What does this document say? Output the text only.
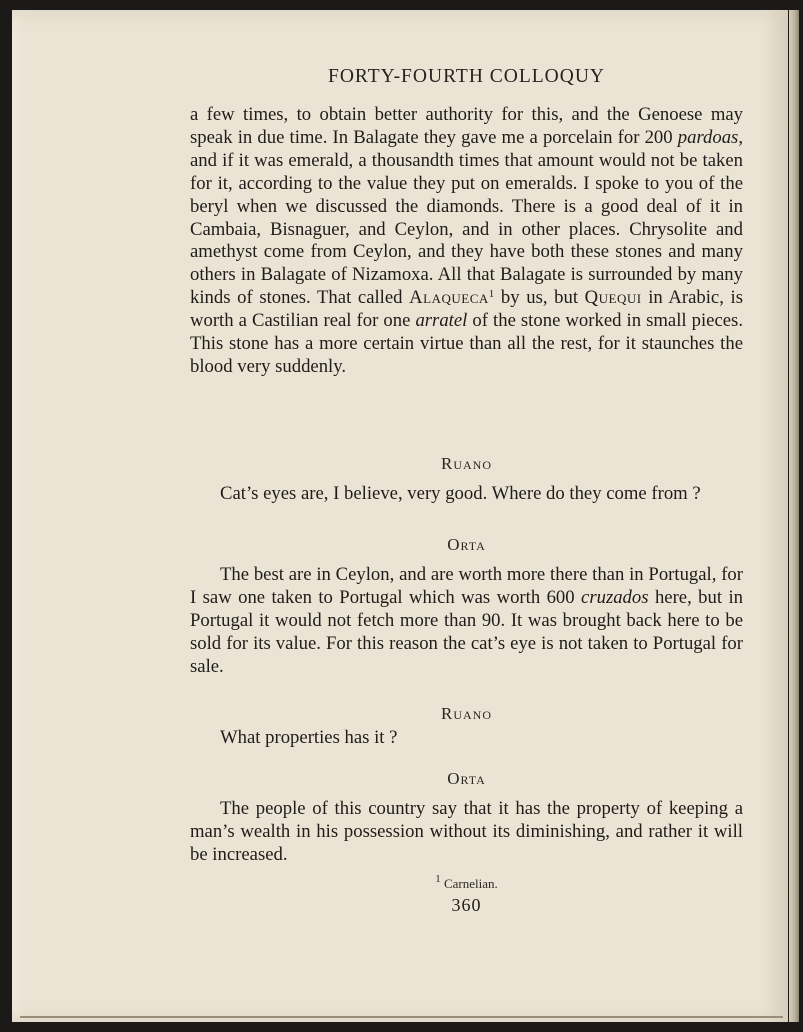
FORTY-FOURTH COLLOQUY

a few times, to obtain better authority for this, and the Genoese may speak in due time. In Balagate they gave me a porcelain for 200 pardoas, and if it was emerald, a thousandth times that amount would not be taken for it, according to the value they put on emeralds. I spoke to you of the beryl when we discussed the diamonds. There is a good deal of it in Cambaia, Bisnaguer, and Ceylon, and in other places. Chrysolite and amethyst come from Ceylon, and they have both these stones and many others in Balagate of Nizamoxa. All that Balagate is surrounded by many kinds of stones. That called Alaqueca$^1$ by us, but Quequi in Arabic, is worth a Castilian real for one arratel of the stone worked in small pieces. This stone has a more certain virtue than all the rest, for it staunches the blood very suddenly.

Ruano

Cat’s eyes are, I believe, very good. Where do they come from ?

Orta

The best are in Ceylon, and are worth more there than in Portugal, for I saw one taken to Portugal which was worth 600 cruzados here, but in Portugal it would not fetch more than 90. It was brought back here to be sold for its value. For this reason the cat’s eye is not taken to Portugal for sale.

Ruano

What properties has it ?

Orta

The people of this country say that it has the property of keeping a man’s wealth in his possession without its diminishing, and rather it will be increased.

$^1$ Carnelian.
360
